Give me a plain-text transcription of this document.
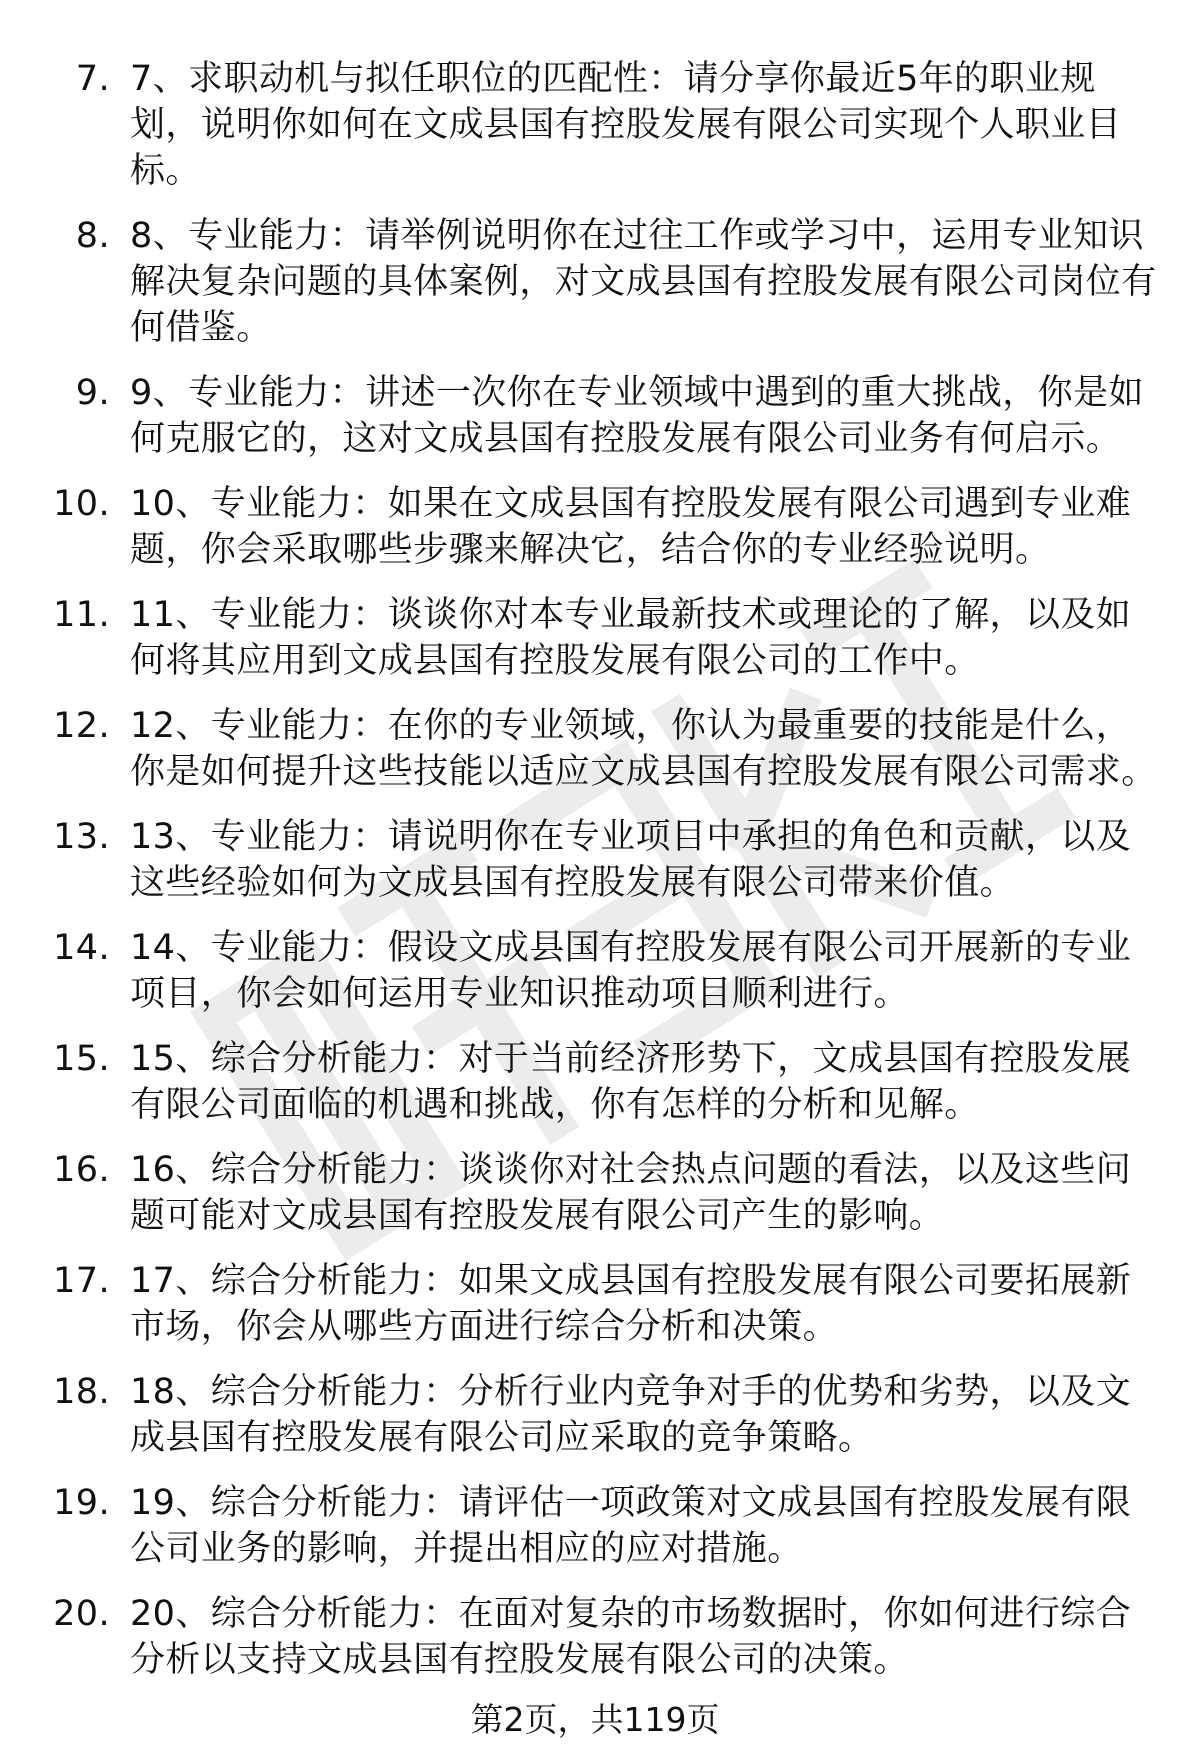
7. 7、求职动机与拟任职位的匹配性：请分享你最近5年的职业规划，说明你如何在文成县国有控股发展有限公司实现个人职业目标。
8. 8、专业能力：请举例说明你在过往工作或学习中，运用专业知识解决复杂问题的具体案例，对文成县国有控股发展有限公司岗位有何借鉴。
9. 9、专业能力：讲述一次你在专业领域中遇到的重大挑战，你是如何克服它的，这对文成县国有控股发展有限公司业务有何启示。
10. 10、专业能力：如果在文成县国有控股发展有限公司遇到专业难题，你会采取哪些步骤来解决它，结合你的专业经验说明。
11. 11、专业能力：谈谈你对本专业最新技术或理论的了解，以及如何将其应用到文成县国有控股发展有限公司的工作中。
12. 12、专业能力：在你的专业领域，你认为最重要的技能是什么，你是如何提升这些技能以适应文成县国有控股发展有限公司需求。
13. 13、专业能力：请说明你在专业项目中承担的角色和贡献，以及这些经验如何为文成县国有控股发展有限公司带来价值。
14. 14、专业能力：假设文成县国有控股发展有限公司开展新的专业项目，你会如何运用专业知识推动项目顺利进行。
15. 15、综合分析能力：对于当前经济形势下，文成县国有控股发展有限公司面临的机遇和挑战，你有怎样的分析和见解。
16. 16、综合分析能力：谈谈你对社会热点问题的看法，以及这些问题可能对文成县国有控股发展有限公司产生的影响。
17. 17、综合分析能力：如果文成县国有控股发展有限公司要拓展新市场，你会从哪些方面进行综合分析和决策。
18. 18、综合分析能力：分析行业内竞争对手的优势和劣势，以及文成县国有控股发展有限公司应采取的竞争策略。
19. 19、综合分析能力：请评估一项政策对文成县国有控股发展有限公司业务的影响，并提出相应的应对措施。
20. 20、综合分析能力：在面对复杂的市场数据时，你如何进行综合分析以支持文成县国有控股发展有限公司的决策。
第2页，共119页
